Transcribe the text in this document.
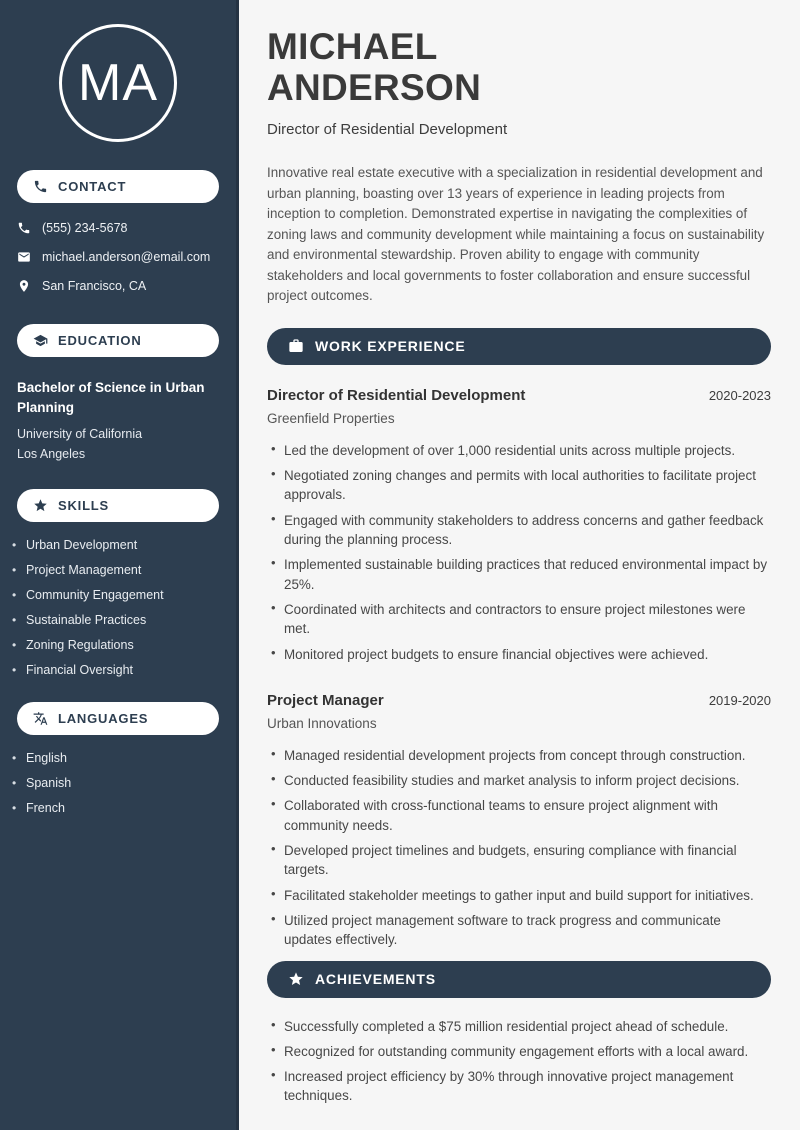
MA
CONTACT
(555) 234-5678
michael.anderson@email.com
San Francisco, CA
EDUCATION
Bachelor of Science in Urban Planning
University of California
Los Angeles
SKILLS
• Urban Development
• Project Management
• Community Engagement
• Sustainable Practices
• Zoning Regulations
• Financial Oversight
LANGUAGES
• English
• Spanish
• French
MICHAEL
ANDERSON
Director of Residential Development

Innovative real estate executive with a specialization in residential development and urban planning, boasting over 13 years of experience in leading projects from inception to completion. Demonstrated expertise in navigating the complexities of zoning laws and community development while maintaining a focus on sustainability and environmental stewardship. Proven ability to engage with community stakeholders and local governments to foster collaboration and ensure successful project outcomes.

WORK EXPERIENCE
Director of Residential Development	2020-2023
Greenfield Properties
• Led the development of over 1,000 residential units across multiple projects.
• Negotiated zoning changes and permits with local authorities to facilitate project approvals.
• Engaged with community stakeholders to address concerns and gather feedback during the planning process.
• Implemented sustainable building practices that reduced environmental impact by 25%.
• Coordinated with architects and contractors to ensure project milestones were met.
• Monitored project budgets to ensure financial objectives were achieved.
Project Manager	2019-2020
Urban Innovations
• Managed residential development projects from concept through construction.
• Conducted feasibility studies and market analysis to inform project decisions.
• Collaborated with cross-functional teams to ensure project alignment with community needs.
• Developed project timelines and budgets, ensuring compliance with financial targets.
• Facilitated stakeholder meetings to gather input and build support for initiatives.
• Utilized project management software to track progress and communicate updates effectively.
ACHIEVEMENTS
• Successfully completed a $75 million residential project ahead of schedule.
• Recognized for outstanding community engagement efforts with a local award.
• Increased project efficiency by 30% through innovative project management techniques.
